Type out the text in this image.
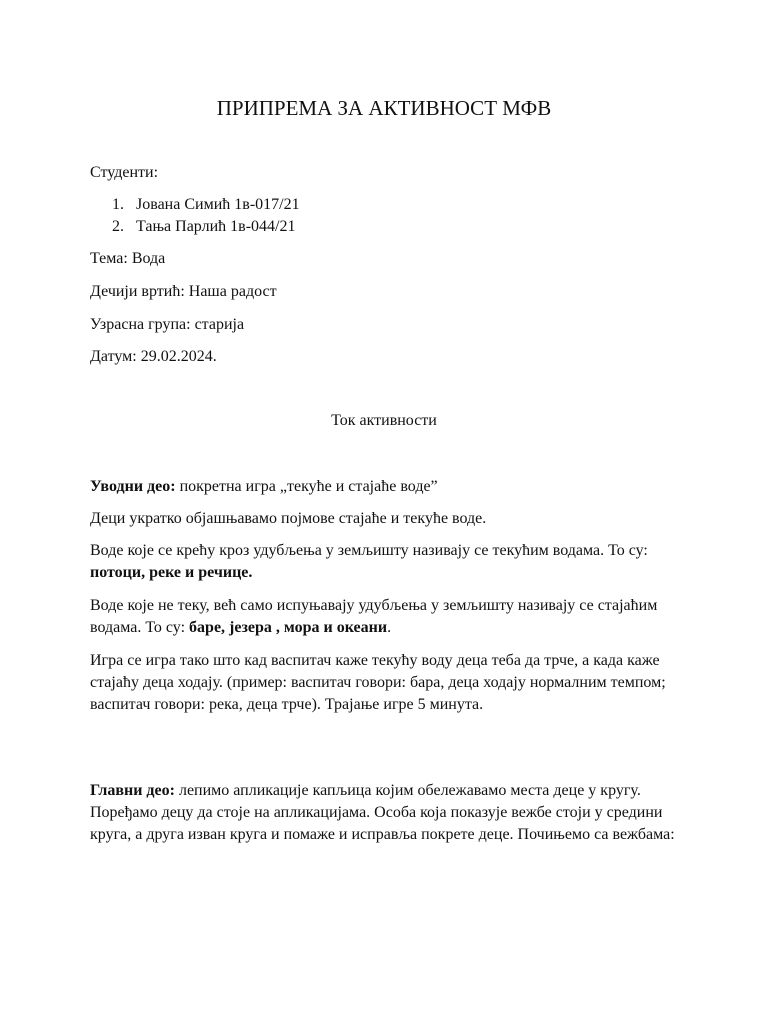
ПРИПРЕМА ЗА АКТИВНОСТ МФВ
Студенти:
1. Јована Симић 1в-017/21
2. Тања Парлић 1в-044/21
Тема: Вода
Дечији вртић: Наша радост
Узрасна група: старија
Датум: 29.02.2024.
Ток активности
Уводни део: покретна игра „текуће и стајаће воде”
Деци укратко објашњавамо појмове стајаће и текуће воде.
Воде које се крећу кроз удубљења у земљишту називају се текућим водама. То су: потоци, реке и речице.
Воде које не теку, већ само испуњавају удубљења у земљишту називају се стајаћим водама. То су: баре, језера , мора и океани.
Игра се игра тако што кад васпитач каже текућу воду деца теба да трче, а када каже стајаћу деца ходају. (пример: васпитач говори: бара, деца ходају нормалним темпом; васпитач говори: река, деца трче). Трајање игре 5 минута.
Главни део: лепимо апликације капљица којим обележавамо места деце у кругу. Поређамо децу да стоје на апликацијама. Особа која показује вежбе стоји у средини круга, а друга изван круга и помаже и исправља покрете деце. Почињемо са вежбама:
